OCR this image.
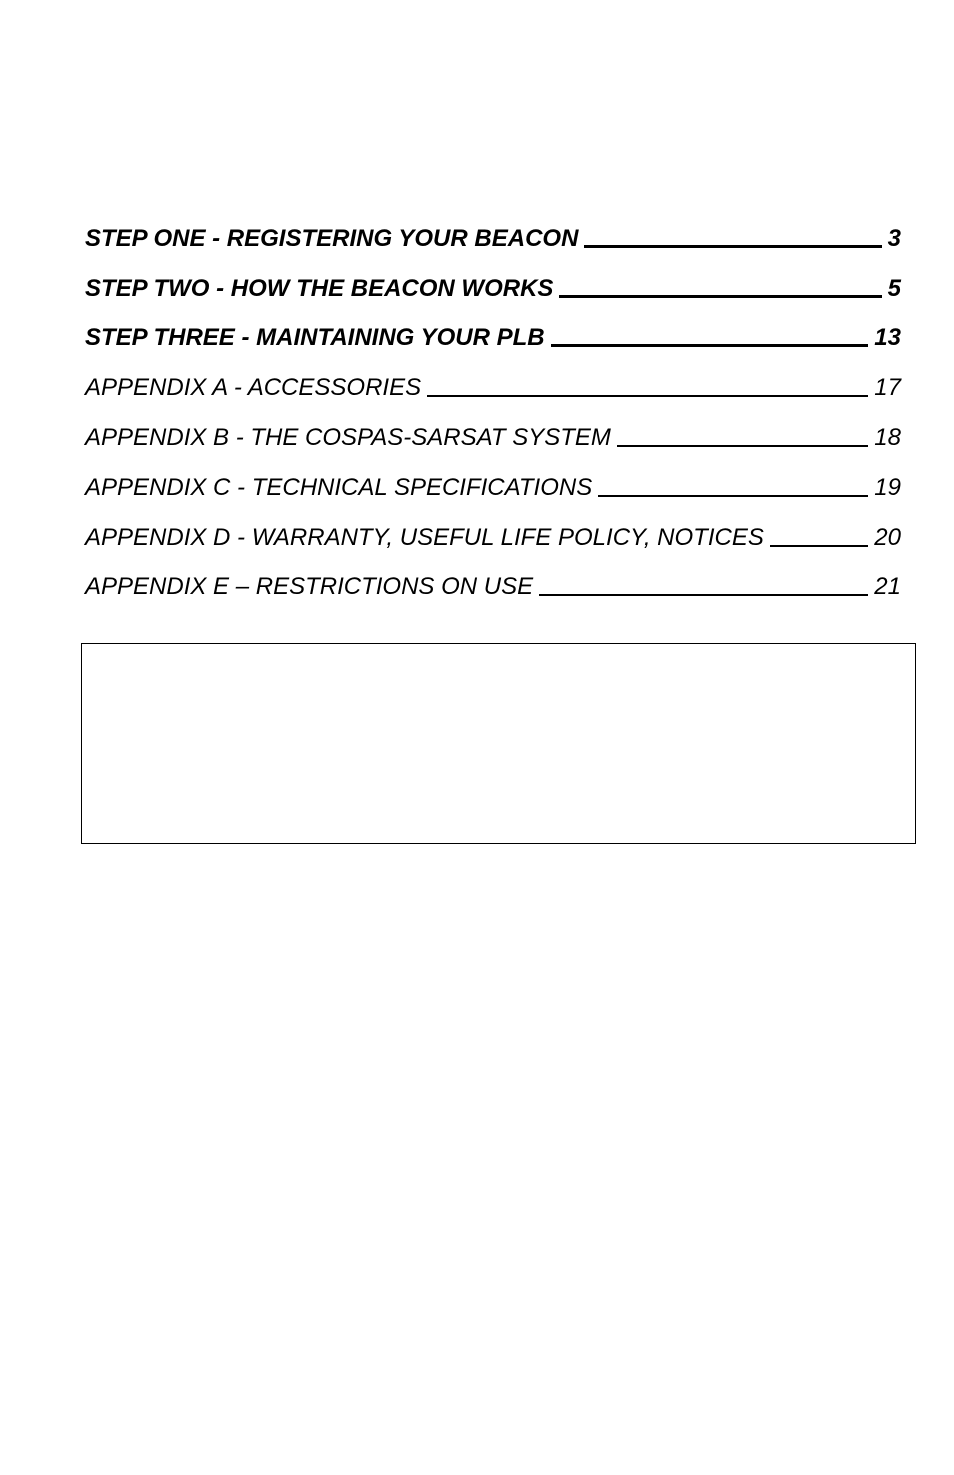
STEP ONE - REGISTERING YOUR BEACON	3
STEP TWO - HOW THE BEACON WORKS	5
STEP THREE - MAINTAINING YOUR PLB	13
APPENDIX A - ACCESSORIES	17
APPENDIX B - THE COSPAS-SARSAT SYSTEM	18
APPENDIX C - TECHNICAL SPECIFICATIONS	19
APPENDIX D - WARRANTY, USEFUL LIFE POLICY, NOTICES	20
APPENDIX E – RESTRICTIONS ON USE	21
